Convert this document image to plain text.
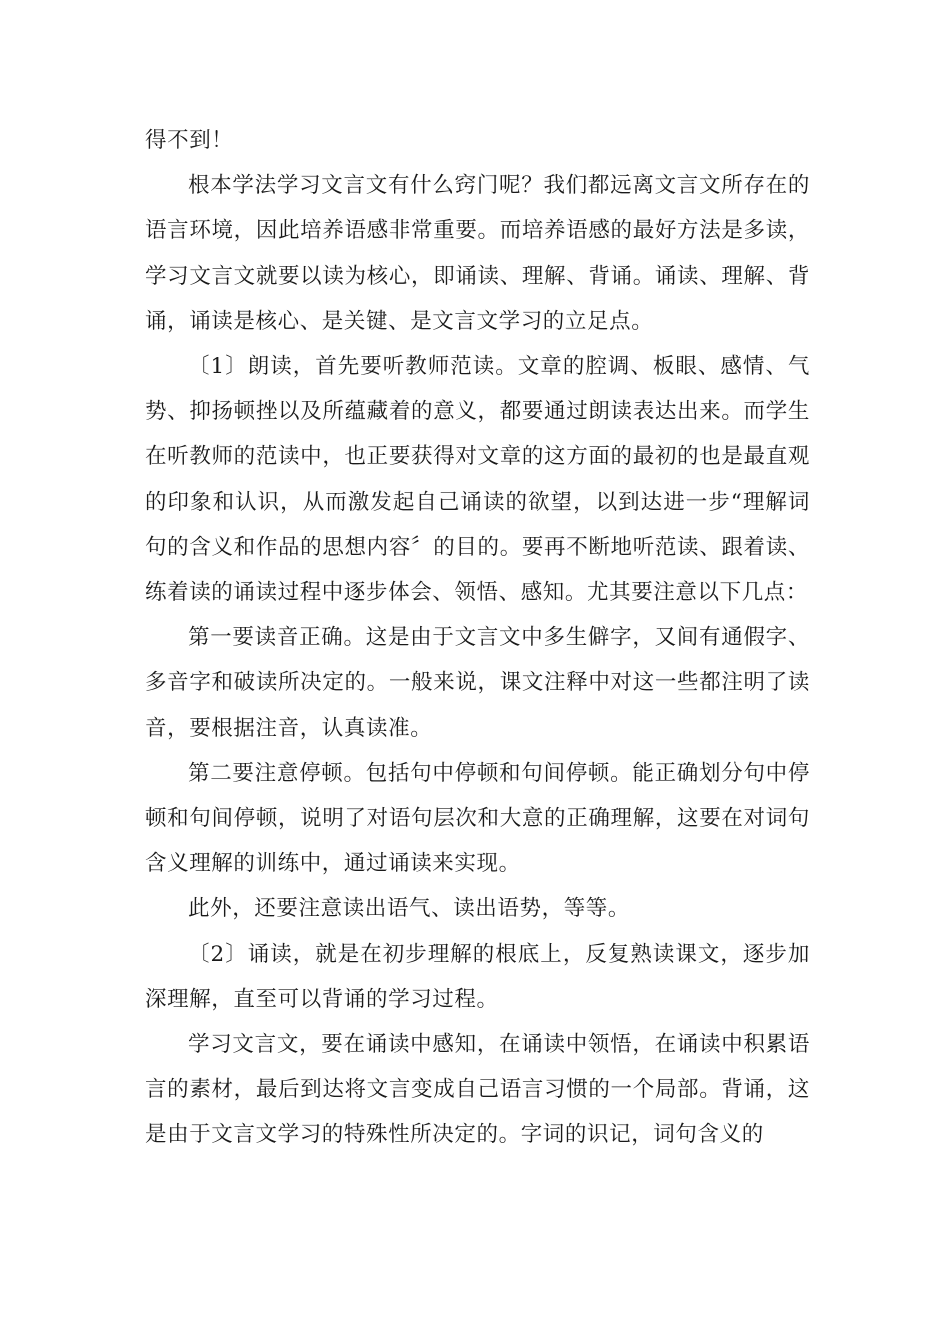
得不到！

根本学法学习文言文有什么窍门呢？我们都远离文言文所存在的语言环境，因此培养语感非常重要。而培养语感的最好方法是多读，学习文言文就要以读为核心，即诵读、理解、背诵。诵读、理解、背诵，诵读是核心、是关键、是文言文学习的立足点。

〔1〕朗读，首先要听教师范读。文章的腔调、板眼、感情、气势、抑扬顿挫以及所蕴藏着的意义，都要通过朗读表达出来。而学生在听教师的范读中，也正要获得对文章的这方面的最初的也是最直观的印象和认识，从而激发起自己诵读的欲望，以到达进一步“理解词句的含义和作品的思想内容〞的目的。要再不断地听范读、跟着读、练着读的诵读过程中逐步体会、领悟、感知。尤其要注意以下几点：

第一要读音正确。这是由于文言文中多生僻字，又间有通假字、多音字和破读所决定的。一般来说，课文注释中对这一些都注明了读音，要根据注音，认真读准。

第二要注意停顿。包括句中停顿和句间停顿。能正确划分句中停顿和句间停顿，说明了对语句层次和大意的正确理解，这要在对词句含义理解的训练中，通过诵读来实现。

此外，还要注意读出语气、读出语势，等等。

〔2〕诵读，就是在初步理解的根底上，反复熟读课文，逐步加深理解，直至可以背诵的学习过程。

学习文言文，要在诵读中感知，在诵读中领悟，在诵读中积累语言的素材，最后到达将文言变成自己语言习惯的一个局部。背诵，这是由于文言文学习的特殊性所决定的。字词的识记，词句含义的
